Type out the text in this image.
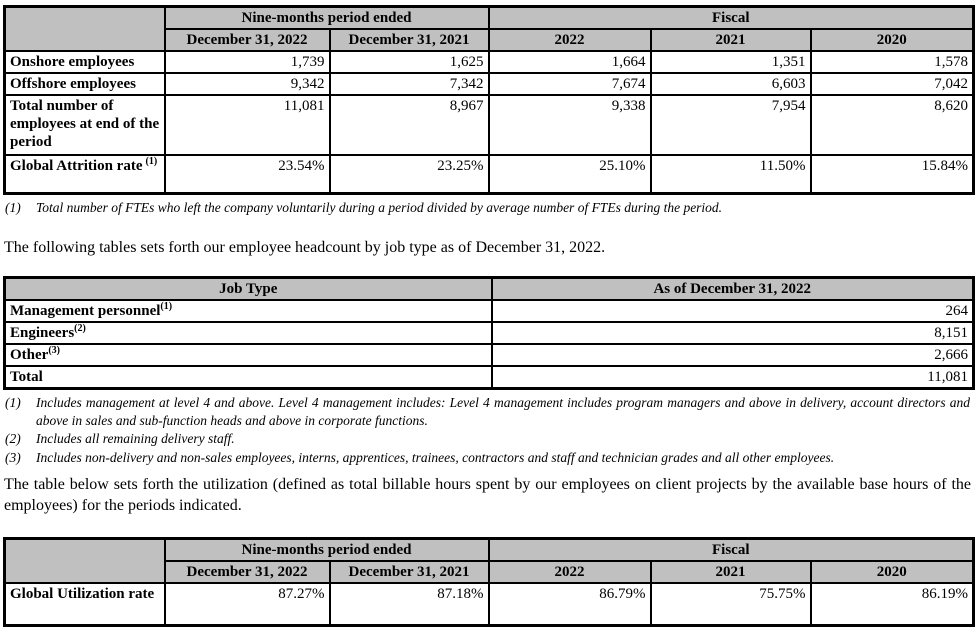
	Nine-months period ended		Fiscal		
	December 31, 2022	December 31, 2021	2022	2021	2020
Onshore employees	1,739	1,625	1,664	1,351	1,578
Offshore employees	9,342	7,342	7,674	6,603	7,042
Total number of employees at end of the period	11,081	8,967	9,338	7,954	8,620
Global Attrition rate $^{(1)}$	23.54%	23.25%	25.10%	11.50%	15.84%
(1)	Total number of FTEs who left the company voluntarily during a period divided by average number of FTEs during the period.

The following tables sets forth our employee headcount by job type as of December 31, 2022.

Job Type	As of December 31, 2022
Management personnel$^{(1)}$	264
Engineers$^{(2)}$	8,151
Other$^{(3)}$	2,666
Total	11,081
(1)	Includes management at level 4 and above. Level 4 management includes: Level 4 management includes program managers and above in delivery, account directors and above in sales and sub-function heads and above in corporate functions.
(2)	Includes all remaining delivery staff.
(3)	Includes non-delivery and non-sales employees, interns, apprentices, trainees, contractors and staff and technician grades and all other employees.

The table below sets forth the utilization (defined as total billable hours spent by our employees on client projects by the available base hours of the employees) for the periods indicated.

	Nine-months period ended		Fiscal		
	December 31, 2022	December 31, 2021	2022	2021	2020
Global Utilization rate	87.27%	87.18%	86.79%	75.75%	86.19%
